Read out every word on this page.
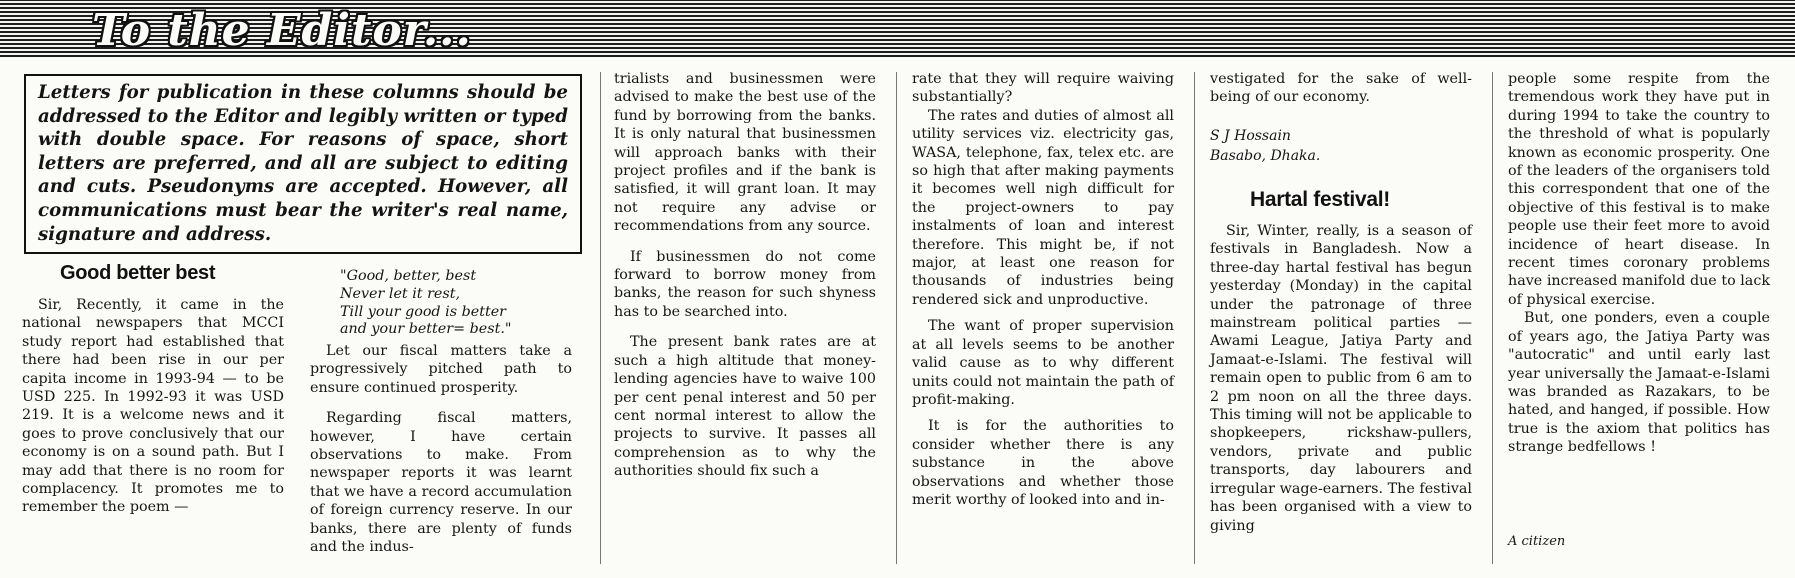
To the Editor...

Letters for publication in these columns should be addressed to the Editor and legibly written or typed with double space. For reasons of space, short letters are preferred, and all are subject to editing and cuts. Pseudonyms are accepted. However, all communications must bear the writer's real name, signature and address.

Good better best

Sir, Recently, it came in the national newspapers that MCCI study report had established that there had been rise in our per capita income in 1993-94 — to be USD 225. In 1992-93 it was USD 219. It is a welcome news and it goes to prove conclusively that our economy is on a sound path. But I may add that there is no room for complacency. It promotes me to remember the poem —

"Good, better, best
Never let it rest,
Till your good is better
and your better= best."

Let our fiscal matters take a progressively pitched path to ensure continued prosperity.

Regarding fiscal matters, however, I have certain observations to make. From newspaper reports it was learnt that we have a record accumulation of foreign currency reserve. In our banks, there are plenty of funds and the indus-

trialists and businessmen were advised to make the best use of the fund by borrowing from the banks. It is only natural that businessmen will approach banks with their project profiles and if the bank is satisfied, it will grant loan. It may not require any advise or recommendations from any source.

If businessmen do not come forward to borrow money from banks, the reason for such shyness has to be searched into.

The present bank rates are at such a high altitude that money-lending agencies have to waive 100 per cent penal interest and 50 per cent normal interest to allow the projects to survive. It passes all comprehension as to why the authorities should fix such a

rate that they will require waiving substantially?

The rates and duties of almost all utility services viz. electricity gas, WASA, telephone, fax, telex etc. are so high that after making payments it becomes well nigh difficult for the project-owners to pay instalments of loan and interest therefore. This might be, if not major, at least one reason for thousands of industries being rendered sick and unproductive.

The want of proper supervision at all levels seems to be another valid cause as to why different units could not maintain the path of profit-making.

It is for the authorities to consider whether there is any substance in the above observations and whether those merit worthy of looked into and in-

vestigated for the sake of well-being of our economy.

S J Hossain
Basabo, Dhaka.
Hartal festival!

Sir, Winter, really, is a season of festivals in Bangladesh. Now a three-day hartal festival has begun yesterday (Monday) in the capital under the patronage of three mainstream political parties — Awami League, Jatiya Party and Jamaat-e-Islami. The festival will remain open to public from 6 am to 2 pm noon on all the three days. This timing will not be applicable to shopkeepers, rickshaw-pullers, vendors, private and public transports, day labourers and irregular wage-earners. The festival has been organised with a view to giving

people some respite from the tremendous work they have put in during 1994 to take the country to the threshold of what is popularly known as economic prosperity. One of the leaders of the organisers told this correspondent that one of the objective of this festival is to make people use their feet more to avoid incidence of heart disease. In recent times coronary problems have increased manifold due to lack of physical exercise.

But, one ponders, even a couple of years ago, the Jatiya Party was "autocratic" and until early last year universally the Jamaat-e-Islami was branded as Razakars, to be hated, and hanged, if possible. How true is the axiom that politics has strange bedfellows !

A citizen
